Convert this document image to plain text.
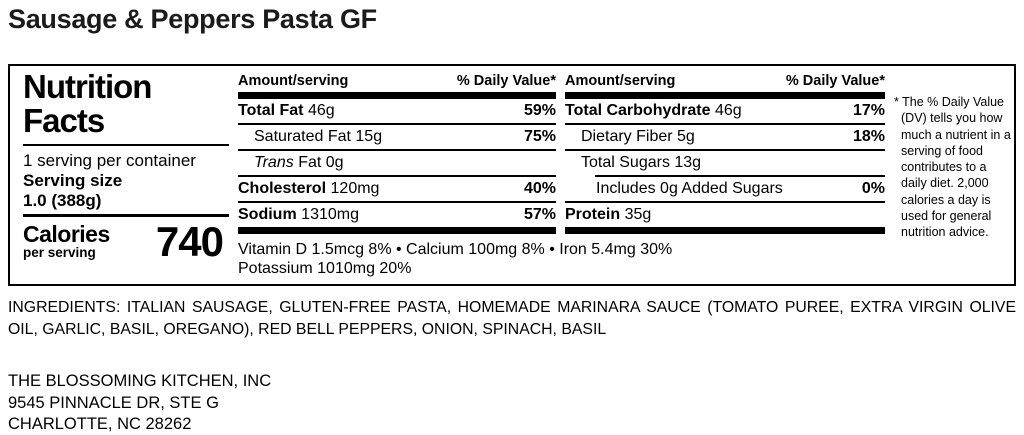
Sausage & Peppers Pasta GF
Nutrition
Facts
1 serving per container
Serving size
1.0 (388g)
Calories
per serving	740
Amount/serving	% Daily Value*
Total Fat 46g	59%
Saturated Fat 15g	75%
Trans Fat 0g
Cholesterol 120mg	40%
Sodium 1310mg	57%
Amount/serving	% Daily Value*
Total Carbohydrate 46g	17%
Dietary Fiber 5g	18%
Total Sugars 13g
Includes 0g Added Sugars	0%
Protein 35g
Vitamin D 1.5mcg 8% • Calcium 100mg 8% • Iron 5.4mg 30%
Potassium 1010mg 20%
* The % Daily Value (DV) tells you how much a nutrient in a serving of food contributes to a daily diet. 2,000 calories a day is used for general nutrition advice.
INGREDIENTS: ITALIAN SAUSAGE, GLUTEN-FREE PASTA, HOMEMADE MARINARA SAUCE (TOMATO PUREE, EXTRA VIRGIN OLIVE OIL, GARLIC, BASIL, OREGANO), RED BELL PEPPERS, ONION, SPINACH, BASIL
THE BLOSSOMING KITCHEN, INC
9545 PINNACLE DR, STE G
CHARLOTTE, NC 28262
